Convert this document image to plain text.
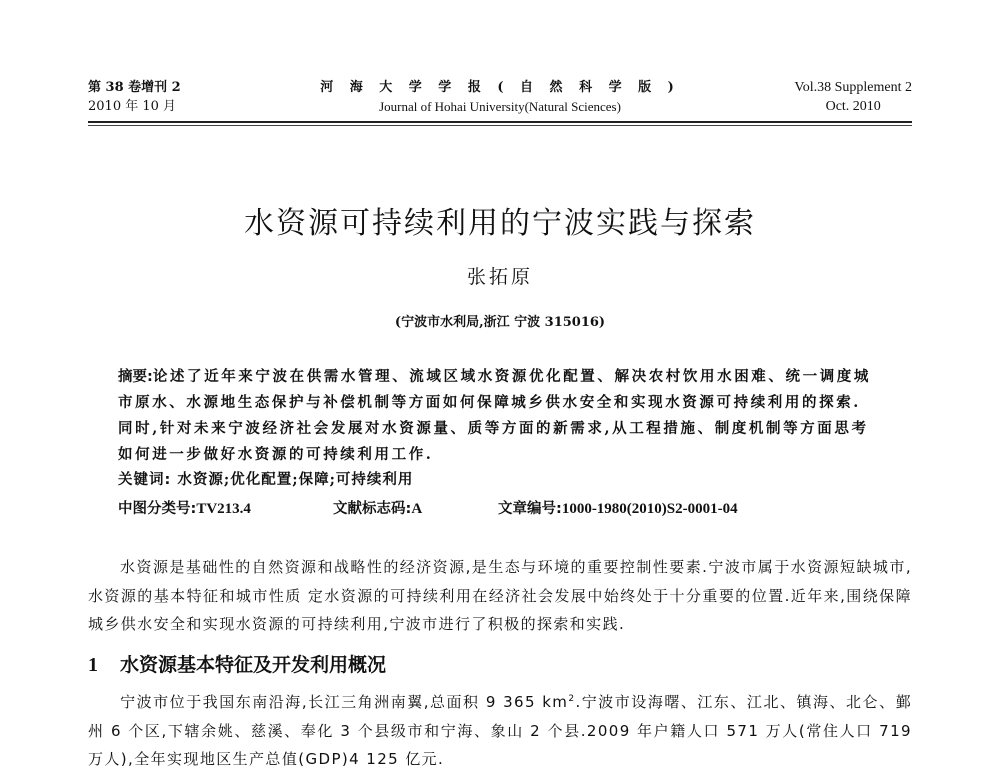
第 38 卷增刊 2
2010 年 10 月
河 海 大 学 学 报 ( 自 然 科 学 版 )
Journal of Hohai University(Natural Sciences)
Vol.38 Supplement 2
Oct. 2010
水资源可持续利用的宁波实践与探索
张拓原
(宁波市水利局,浙江 宁波 315016)
摘要:论述了近年来宁波在供需水管理、流域区域水资源优化配置、解决农村饮用水困难、统一调度城市原水、水源地生态保护与补偿机制等方面如何保障城乡供水安全和实现水资源可持续利用的探索.同时,针对未来宁波经济社会发展对水资源量、质等方面的新需求,从工程措施、制度机制等方面思考如何进一步做好水资源的可持续利用工作.
关键词: 水资源;优化配置;保障;可持续利用
中图分类号:TV213.4	文献标志码:A	文章编号:1000-1980(2010)S2-0001-04
水资源是基础性的自然资源和战略性的经济资源,是生态与环境的重要控制性要素.宁波市属于水资源短缺城市,水资源的基本特征和城市性质 定水资源的可持续利用在经济社会发展中始终处于十分重要的位置.近年来,围绕保障城乡供水安全和实现水资源的可持续利用,宁波市进行了积极的探索和实践.
1 水资源基本特征及开发利用概况
宁波市位于我国东南沿海,长江三角洲南翼,总面积 9 365 $km^2$.宁波市设海曙、江东、江北、镇海、北仑、鄞州 6 个区,下辖余姚、慈溪、奉化 3 个县级市和宁海、象山 2 个县.2009 年户籍人口 571 万人(常住人口 719 万人),全年实现地区生产总值(GDP)4 125 亿元.
